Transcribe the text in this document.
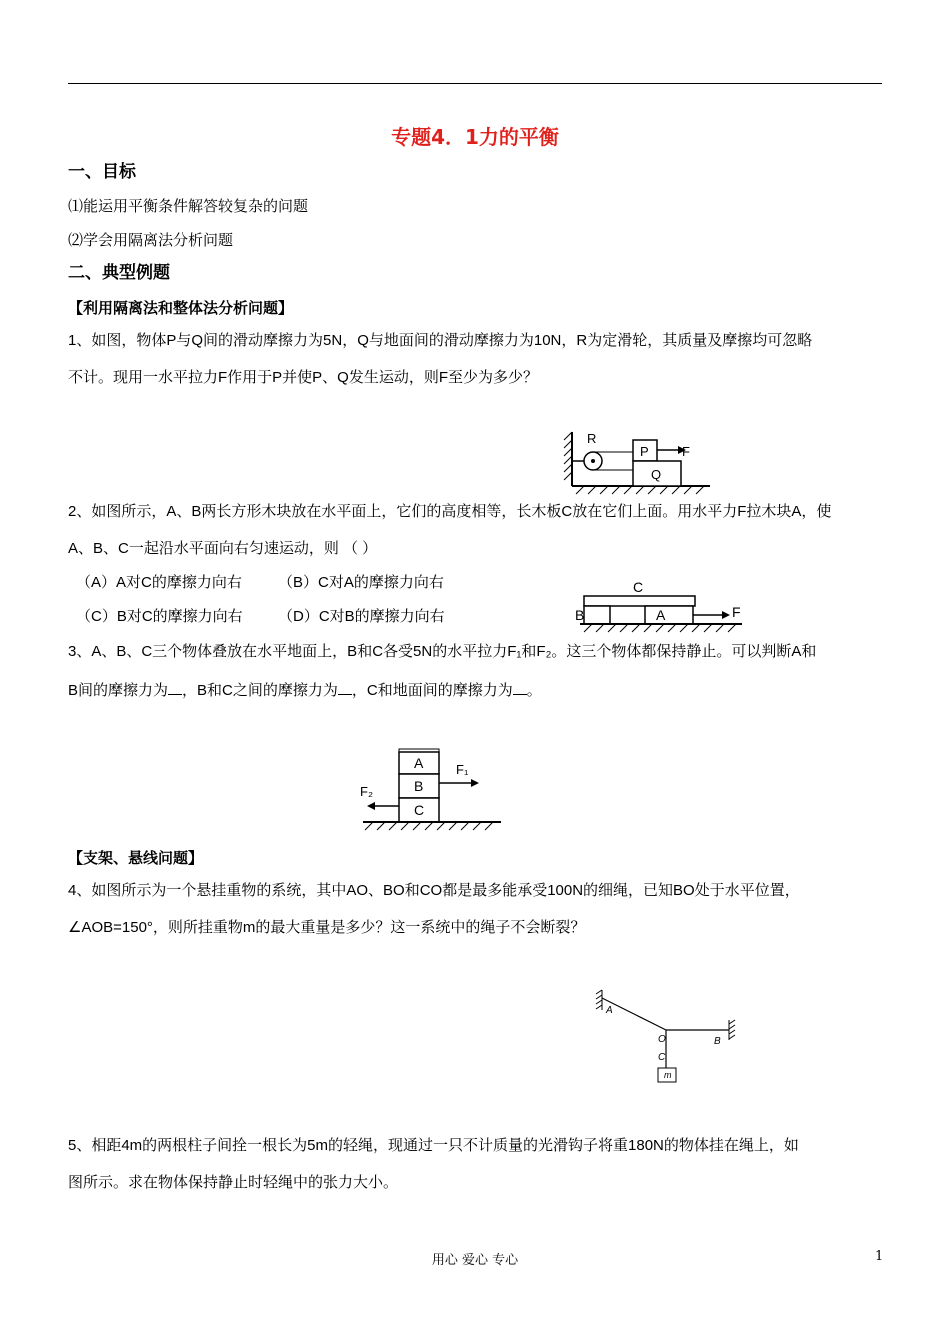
专题4．1力的平衡
一、目标
⑴能运用平衡条件解答较复杂的问题
⑵学会用隔离法分析问题
二、典型例题
【利用隔离法和整体法分析问题】
1、如图，物体P与Q间的滑动摩擦力为5N，Q与地面间的滑动摩擦力为10N，R为定滑轮，其质量及摩擦均可忽略
不计。现用一水平拉力F作用于P并使P、Q发生运动，则F至少为多少？
R
P	F
Q
2、如图所示，A、B两长方形木块放在水平面上，它们的高度相等，长木板C放在它们上面。用水平力F拉木块A，使
A、B、C一起沿水平面向右匀速运动，则 （ ）
（A）A对C的摩擦力向右 （B）C对A的摩擦力向右
（C）B对C的摩擦力向右 （D）C对B的摩擦力向右
C
B	A	F
3、A、B、C三个物体叠放在水平地面上，B和C各受5N的水平拉力F₁和F₂。这三个物体都保持静止。可以判断A和
B间的摩擦力为 ，B和C之间的摩擦力为 ，C和地面间的摩擦力为 。
A
B
C
F₁
F₂
【支架、悬线问题】
4、如图所示为一个悬挂重物的系统，其中AO、BO和CO都是最多能承受100N的细绳，已知BO处于水平位置，
∠AOB=150°，则所挂重物m的最大重量是多少？这一系统中的绳子不会断裂？
A
O	B
C
m
5、相距4m的两根柱子间拴一根长为5m的轻绳，现通过一只不计质量的光滑钩子将重180N的物体挂在绳上，如
图所示。求在物体保持静止时轻绳中的张力大小。
用心 爱心 专心	1
